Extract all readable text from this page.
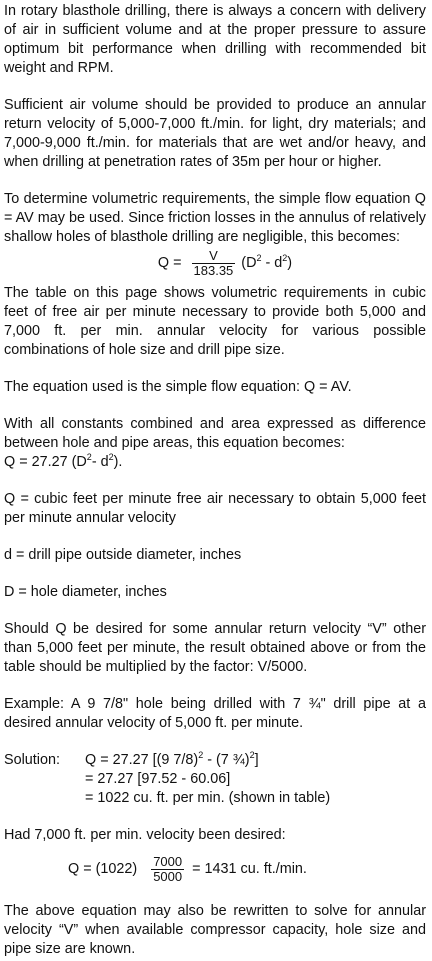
In rotary blasthole drilling, there is always a concern with delivery of air in sufficient volume and at the proper pressure to assure optimum bit performance when drilling with recommended bit weight and RPM.

Sufficient air volume should be provided to produce an annular return velocity of 5,000-7,000 ft./min. for light, dry materials; and 7,000-9,000 ft./min. for materials that are wet and/or heavy, and when drilling at penetration rates of 35m per hour or higher.

To determine volumetric requirements, the simple flow equation Q = AV may be used. Since friction losses in the annulus of relatively shallow holes of blasthole drilling are negligible, this becomes:

$Q = \frac{V}{183.35} (D^2 - d^2)$

The table on this page shows volumetric requirements in cubic feet of free air per minute necessary to provide both 5,000 and 7,000 ft. per min. annular velocity for various possible combinations of hole size and drill pipe size.

The equation used is the simple flow equation: Q = AV.

With all constants combined and area expressed as difference between hole and pipe areas, this equation becomes:
Q = 27.27 ($D^2-$ $d^2$).

Q = cubic feet per minute free air necessary to obtain 5,000 feet per minute annular velocity

d = drill pipe outside diameter, inches

D = hole diameter, inches

Should Q be desired for some annular return velocity “V” other than 5,000 feet per minute, the result obtained above or from the table should be multiplied by the factor: V/5000.

Example: A 9 7/8" hole being drilled with 7 ¾" drill pipe at a desired annular velocity of 5,000 ft. per minute.

Solution:	Q = 27.27 [(9 7/8)$^2$ - (7 ¾)$^2$]
= 27.27 [97.52 - 60.06]
= 1022 cu. ft. per min. (shown in table)

Had 7,000 ft. per min. velocity been desired:

$Q = (1022) \frac{7000}{5000} = 1431$ cu. ft./min.

The above equation may also be rewritten to solve for annular velocity “V” when available compressor capacity, hole size and pipe size are known.
